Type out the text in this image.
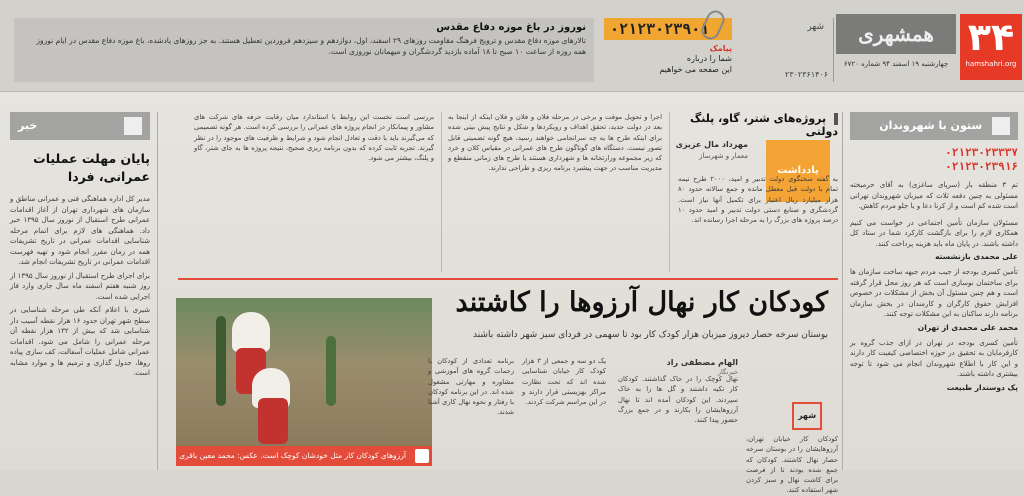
۳۴
hamshahri.org
همشهری
چهارشنبه ۱۹ اسفند ۹۴ شماره ۶۷۲۰
شهر
۲۳۰۲۳۶۱۴۰۶
۰۲۱۲۳۰۲۳۹۰۱
پیامک
شما را درباره
این صفحه می خواهیم
نوروز در باغ موزه دفاع مقدس
تالارهای موزه دفاع مقدس و ترویج فرهنگ مقاومت روزهای ۲۹ اسفند، اول، دوازدهم و سیزدهم فروردین تعطیل هستند. به جز روزهای یادشده، باغ موزه دفاع مقدس در ایام نوروز همه روزه از ساعت ۱۰ صبح تا ۱۸ آماده بازدید گردشگران و میهمانان نوروزی است.
ستون با شهروندان
۰۲۱۲۳۰۲۳۳۳۷
۰۲۱۲۳۰۲۳۹۱۶

تم ۳ منطقه بار (سرپای ساغزی) به آقای حرمیخته مسئولی به چنین دفعه ثلاث که میزبان شهروندان تهرانی است شده کم است و از کرنا دعا و یا جلو مردم کاهش.

مسئولان سازمان تأمین اجتماعی در خواست می کنیم همکاری لازم را برای بازگشت کارکرد شما در ستاد کل داشته باشند. در پایان ماه باید هزینه پرداخت کنند.

علی محمدی بازنشسته

تأمین کسری بودجه از جیب مردم جبهه ساخت سازمان ها برای ساختمان نوسازی است که هر روز محل قرار گرفته است و هم چنین مسئول آن بخش از مشکلات در خصوص افزایش حقوق کارگران و کارمندان در بخش سازمان برنامه دارند ساکنان به این مشکلات توجه کنند.

محمد علی محمدی از تهران

تأمین کسری بودجه در تهران در ازای جذب گروه بر کارفرمایان به تحقیق در حوزه اختصاصی کیفیت کار دارند و این کار با اطلاع شهروندان انجام می شود تا توجه بیشتری داشته باشند.

پک دوستدار طبیعت

خبر
پایان مهلت عملیات عمرانی، فردا

مدیر کل اداره هماهنگی فنی و عمرانی مناطق و سازمان های شهرداری تهران از آغاز اقدامات عمرانی طرح استقبال از نوروز سال ۱۳۹۵ خبر داد. هماهنگی های لازم برای اتمام مرحله شناسایی اقدامات عمرانی در تاریخ تشریفات همه در زمان مقرر انجام شود و تهیه فهرست اقدامات عمرانی در تاریخ تشریفات انجام شد.

برای اجرای طرح استقبال از نوروز سال ۱۳۹۵ از روز شنبه هفتم اسفند ماه سال جاری وارد فاز اجرایی شده است.

شیری با اعلام آنکه طی مرحله شناسایی در سطح شهر تهران حدود ۱۶ هزار نقطه آسیب دار شناسایی شد که بیش از ۱۳۲ هزار نقطه آن مرحله عمرانی را شامل می شود. اقدامات عمرانی شامل عملیات آسفالت، کف سازی پیاده روها، جدول گذاری و ترمیم ها و موارد مشابه است.

پروژه‌های شتر، گاو، پلنگ دولتی
یادداشت
مهرداد مال عزیزی
معمار و شهرساز

به گفته سخنگوی دولت تدبیر و امید، ۲۰۰۰ طرح نیمه تمام با دولت قبل معطل مانده و جمع سالانه حدود ۸۰ هزار میلیارد ریال اعتبار برای تکمیل آنها نیاز است. گردشگری و صنایع دستی دولت تدبیر و امید حدود ۱۰ درصد پروژه های بزرگ را به مرحله اجرا رسانده اند.

اجرا و تحویل موقت و برخی در مرحله فلان و فلان و فلان اینکه از اینجا به بعد در دولت جدید، تحقق اهداف و رویکردها و شکل و نتایج پیش بینی شده برای اینکه طرح ها به چه سرانجامی خواهند رسید، هیچ گونه تضمینی قابل تصور نیست. دستگاه های گوناگون طرح های عمرانی در مقیاس کلان و خرد که زیر مجموعه وزارتخانه ها و شهرداری هستند یا طرح های زمانی منقطع و مدیریت مناسب در جهت پیشبرد برنامه ریزی و طراحی ندارند.

بررسی است نخست این روابط با استاندارد میان رقابت حرفه های شرکت های مشاور و پیمانکار در انجام پروژه های عمرانی را بررسی کرده است. هر گونه تصمیمی که می‌گیرند باید با دقت و تعادل انجام شود و شرایط و ظرفیت های موجود را در نظر گیرند. تجربه ثابت کرده که بدون برنامه ریزی صحیح، نتیجه پروژه ها به جای شتر، گاو و پلنگ، بیشتر می شود.

کودکان کار نهال آرزوها را کاشتند
بوستان سرخه حصار دیروز میزبان هزار کودک کار بود تا سهمی در فردای سبز شهر داشته باشند
آرزوهای کودکان کار مثل خودشان کوچک است. عکس: محمد معین باقری
الهام مصطفی راد
خبرنگار

نهال کوچک را در خاک گذاشتند. کودکان کار تکیه داشتند و گل ها را به خاک سپردند. این کودکان آمده اند تا نهال آرزوهایشان را بکارند و در جمع بزرگ حضور پیدا کنند.

یک دو سه و جمعی از ۳ هزار کودک کار خیابان شناسایی شده اند که تحت نظارت مراکز بهزیستی قرار دارند و در این مراسم شرکت کردند.

برنامه تعدادی از کودکان با زحمات گروه های آموزشی و مشاوره و مهارتی مشغول شده اند. در این برنامه کودکان با رفتار و نحوه نهال کاری آشنا شدند.	شهر

کودکان کار خیابان تهران، آرزوهایشان را در بوستان سرخه حصار نهال کاشتند. کودکان که جمع شده بودند تا از فرصت برای کاشت نهال و سبز کردن شهر استفاده کنند.
